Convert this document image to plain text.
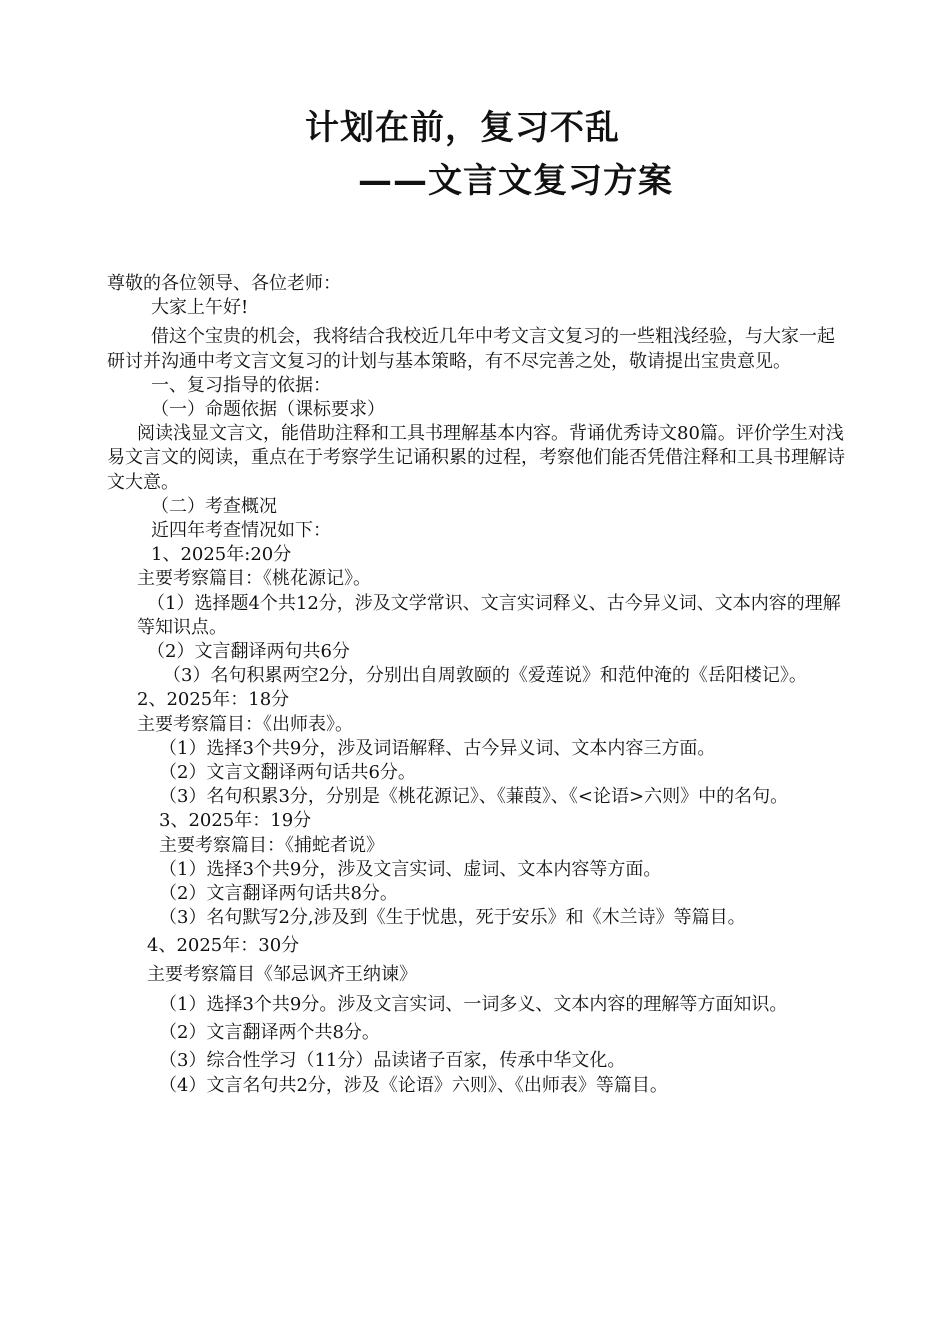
计划在前，复习不乱
——文言文复习方案

尊敬的各位领导、各位老师：

大家上午好!

借这个宝贵的机会，我将结合我校近几年中考文言文复习的一些粗浅经验，与大家一起研讨并沟通中考文言文复习的计划与基本策略，有不尽完善之处，敬请提出宝贵意见。

一、复习指导的依据：

（一）命题依据（课标要求）

阅读浅显文言文，能借助注释和工具书理解基本内容。背诵优秀诗文80篇。评价学生对浅易文言文的阅读，重点在于考察学生记诵积累的过程，考察他们能否凭借注释和工具书理解诗文大意。

（二）考查概况

近四年考查情况如下：

1、2025年:20分

主要考察篇目：《桃花源记》。

（1）选择题4个共12分，涉及文学常识、文言实词释义、古今异义词、文本内容的理解等知识点。

（2）文言翻译两句共6分

（3）名句积累两空2分，分别出自周敦颐的《爱莲说》和范仲淹的《岳阳楼记》。

2、2025年：18分

主要考察篇目：《出师表》。

（1）选择3个共9分，涉及词语解释、古今异义词、文本内容三方面。

（2）文言文翻译两句话共6分。

（3）名句积累3分，分别是《桃花源记》、《蒹葭》、《<论语>六则》中的名句。

3、2025年：19分

主要考察篇目：《捕蛇者说》

（1）选择3个共9分，涉及文言实词、虚词、文本内容等方面。

（2）文言翻译两句话共8分。

（3）名句默写2分,涉及到《生于忧患，死于安乐》和《木兰诗》等篇目。

4、2025年：30分

主要考察篇目《邹忌讽齐王纳谏》

（1）选择3个共9分。涉及文言实词、一词多义、文本内容的理解等方面知识。

（2）文言翻译两个共8分。

（3）综合性学习（11分）品读诸子百家，传承中华文化。

（4）文言名句共2分，涉及《论语》六则》、《出师表》等篇目。
